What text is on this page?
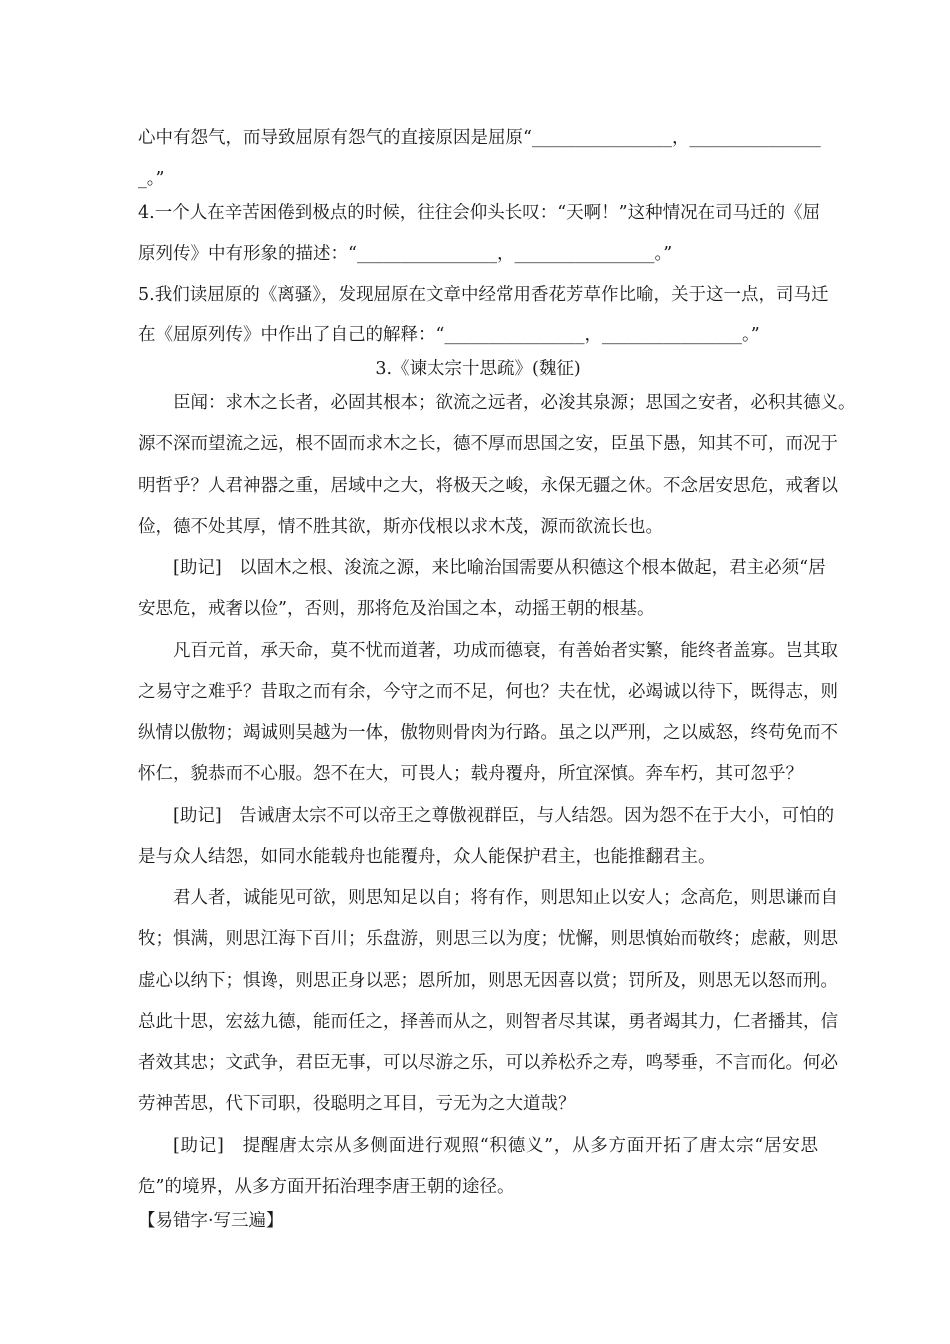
心中有怨气，而导致屈原有怨气的直接原因是屈原“________________，_______________
_。”
4.一个人在辛苦困倦到极点的时候，往往会仰头长叹：“天啊！”这种情况在司马迁的《屈
原列传》中有形象的描述：“________________，________________。”
5.我们读屈原的《离骚》，发现屈原在文章中经常用香花芳草作比喻，关于这一点，司马迁
在《屈原列传》中作出了自己的解释：“________________，________________。”
3.《谏太宗十思疏》(魏征)
臣闻：求木之长者，必固其根本；欲流之远者，必浚其泉源；思国之安者，必积其德义。
源不深而望流之远，根不固而求木之长，德不厚而思国之安，臣虽下愚，知其不可，而况于
明哲乎？人君神器之重，居域中之大，将极天之峻，永保无疆之休。不念居安思危，戒奢以
俭，德不处其厚，情不胜其欲，斯亦伐根以求木茂，源而欲流长也。
[助记]　以固木之根、浚流之源，来比喻治国需要从积德这个根本做起，君主必须“居
安思危，戒奢以俭”，否则，那将危及治国之本，动摇王朝的根基。
凡百元首，承天命，莫不忧而道著，功成而德衰，有善始者实繁，能终者盖寡。岂其取
之易守之难乎？昔取之而有余，今守之而不足，何也？夫在忧，必竭诚以待下，既得志，则
纵情以傲物；竭诚则吴越为一体，傲物则骨肉为行路。虽之以严刑，之以威怒，终苟免而不
怀仁，貌恭而不心服。怨不在大，可畏人；载舟覆舟，所宜深慎。奔车朽，其可忽乎？
[助记]　告诫唐太宗不可以帝王之尊傲视群臣，与人结怨。因为怨不在于大小，可怕的
是与众人结怨，如同水能载舟也能覆舟，众人能保护君主，也能推翻君主。
君人者，诚能见可欲，则思知足以自；将有作，则思知止以安人；念高危，则思谦而自
牧；惧满，则思江海下百川；乐盘游，则思三以为度；忧懈，则思慎始而敬终；虑蔽，则思
虚心以纳下；惧谗，则思正身以恶；恩所加，则思无因喜以赏；罚所及，则思无以怒而刑。
总此十思，宏兹九德，能而任之，择善而从之，则智者尽其谋，勇者竭其力，仁者播其，信
者效其忠；文武争，君臣无事，可以尽游之乐，可以养松乔之寿，鸣琴垂，不言而化。何必
劳神苦思，代下司职，役聪明之耳目，亏无为之大道哉？
[助记]　提醒唐太宗从多侧面进行观照“积德义”，从多方面开拓了唐太宗“居安思
危”的境界，从多方面开拓治理李唐王朝的途径。
【易错字·写三遍】
